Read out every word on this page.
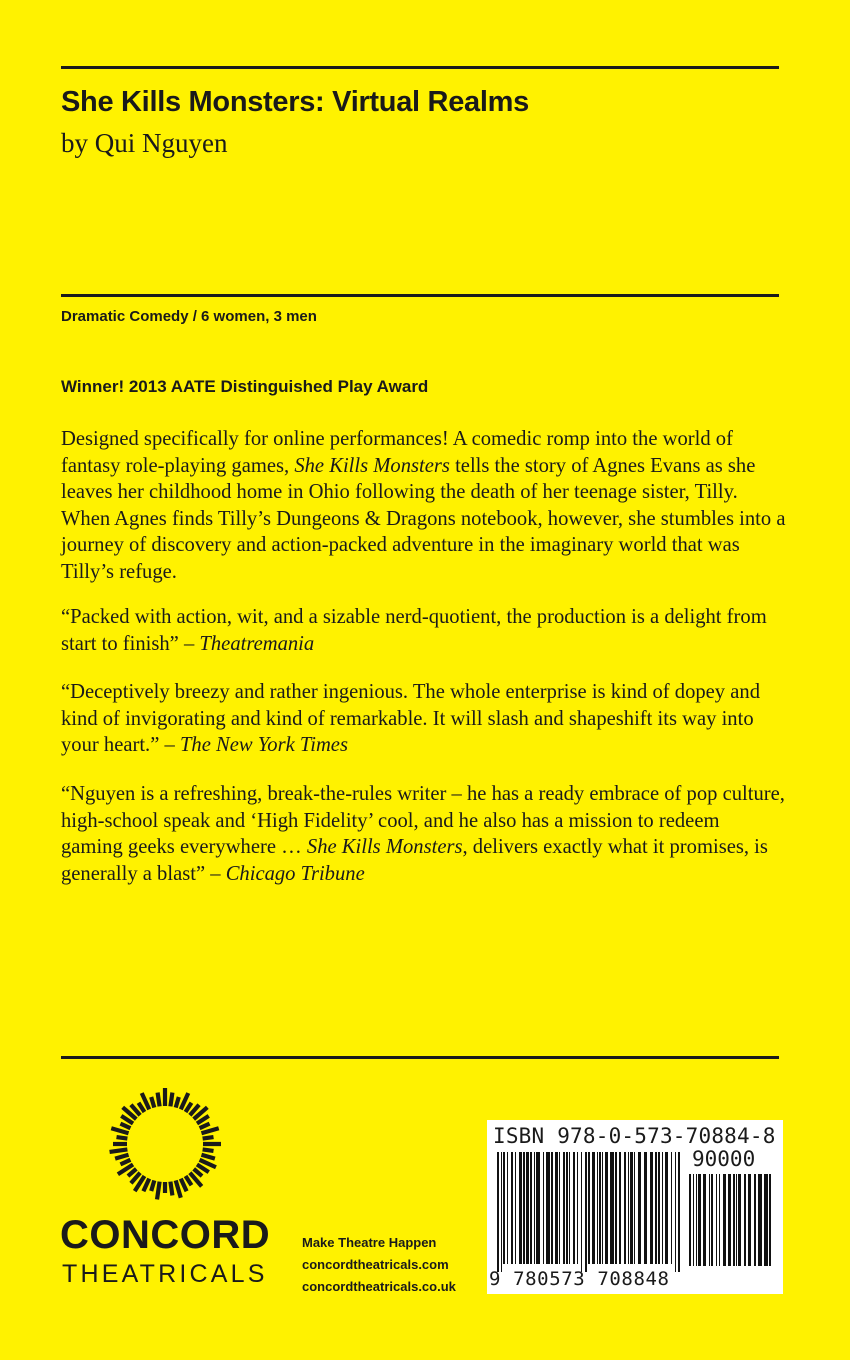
She Kills Monsters: Virtual Realms

by Qui Nguyen

Dramatic Comedy / 6 women, 3 men
Winner! 2013 AATE Distinguished Play Award

Designed specifically for online performances! A comedic romp into the world of fantasy role-playing games, She Kills Monsters tells the story of Agnes Evans as she leaves her childhood home in Ohio following the death of her teenage sister, Tilly. When Agnes finds Tilly’s Dungeons & Dragons notebook, however, she stumbles into a journey of discovery and action-packed adventure in the imaginary world that was Tilly’s refuge.

“Packed with action, wit, and a sizable nerd-quotient, the production is a delight from start to finish” – Theatremania

“Deceptively breezy and rather ingenious. The whole enterprise is kind of dopey and kind of invigorating and kind of remarkable. It will slash and shapeshift its way into your heart.” – The New York Times

“Nguyen is a refreshing, break-the-rules writer – he has a ready embrace of pop culture, high-school speak and ‘High Fidelity’ cool, and he also has a mission to redeem gaming geeks everywhere … She Kills Monsters, delivers exactly what it promises, is generally a blast” – Chicago Tribune

CONCORD
THEATRICALS
Make Theatre Happen
concordtheatricals.com
concordtheatricals.co.uk
ISBN 978-0-573-70884-8
90000
9 780573 708848
